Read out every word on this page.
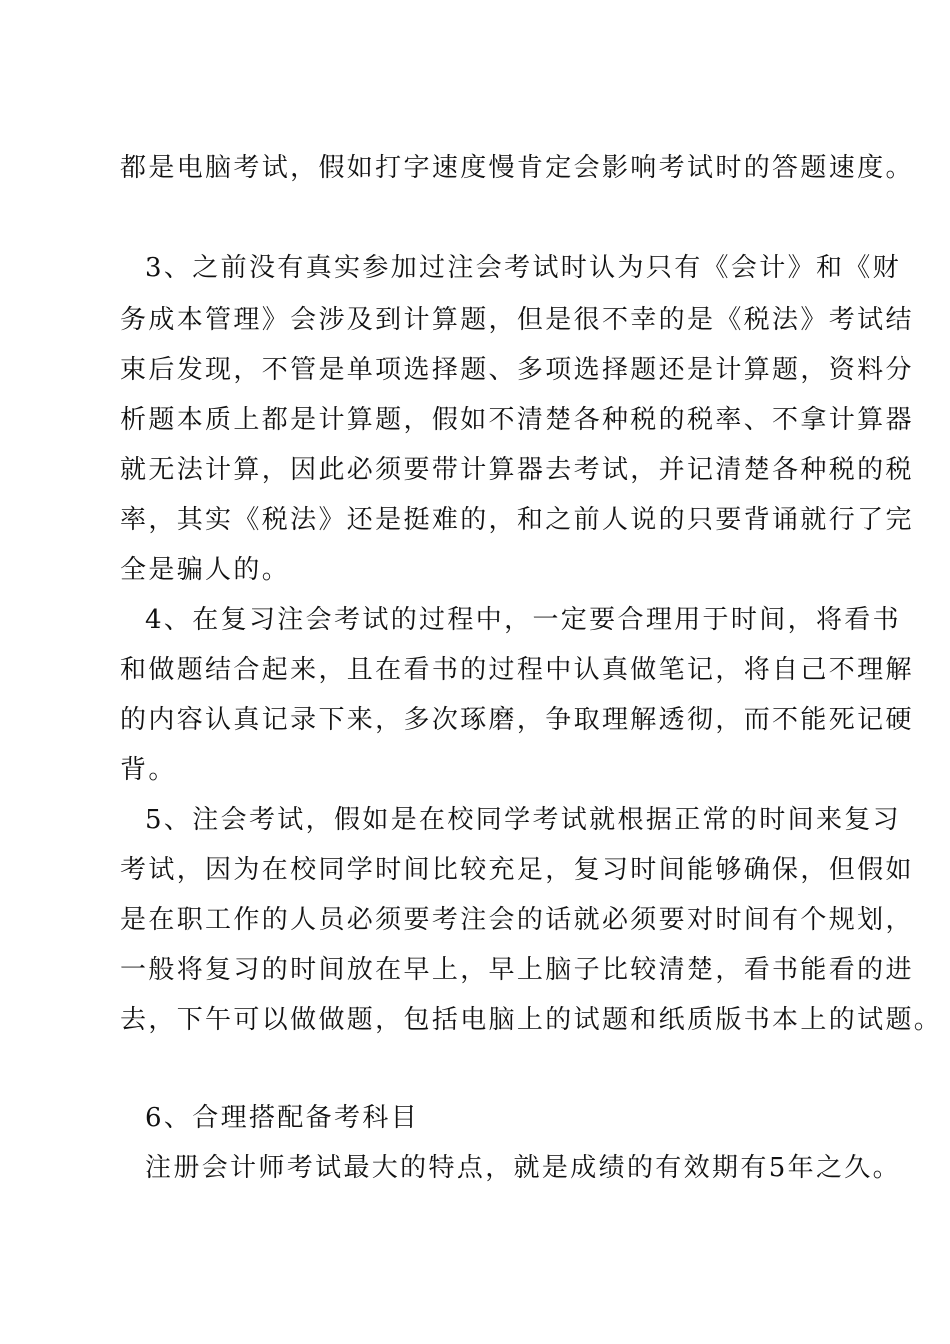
都是电脑考试，假如打字速度慢肯定会影响考试时的答题速度。
3、之前没有真实参加过注会考试时认为只有《会计》和《财
务成本管理》会涉及到计算题，但是很不幸的是《税法》考试结
束后发现，不管是单项选择题、多项选择题还是计算题，资料分
析题本质上都是计算题，假如不清楚各种税的税率、不拿计算器
就无法计算，因此必须要带计算器去考试，并记清楚各种税的税
率，其实《税法》还是挺难的，和之前人说的只要背诵就行了完
全是骗人的。
4、在复习注会考试的过程中，一定要合理用于时间，将看书
和做题结合起来，且在看书的过程中认真做笔记，将自己不理解
的内容认真记录下来，多次琢磨，争取理解透彻，而不能死记硬
背。
5、注会考试，假如是在校同学考试就根据正常的时间来复习
考试，因为在校同学时间比较充足，复习时间能够确保，但假如
是在职工作的人员必须要考注会的话就必须要对时间有个规划，
一般将复习的时间放在早上，早上脑子比较清楚，看书能看的进
去，下午可以做做题，包括电脑上的试题和纸质版书本上的试题。
6、合理搭配备考科目
注册会计师考试最大的特点，就是成绩的有效期有5年之久。
